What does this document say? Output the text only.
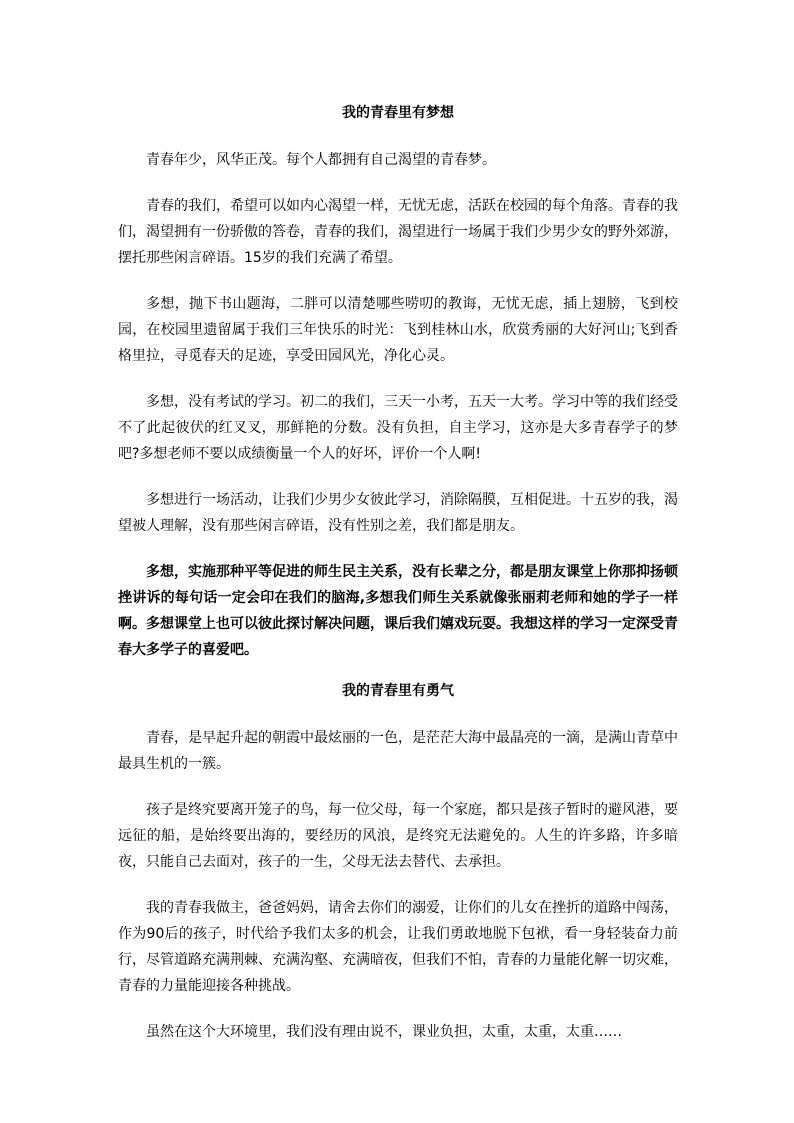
我的青春里有梦想

青春年少，风华正茂。每个人都拥有自己渴望的青春梦。

青春的我们，希望可以如内心渴望一样，无忧无虑，活跃在校园的每个角落。青春的我们，渴望拥有一份骄傲的答卷，青春的我们，渴望进行一场属于我们少男少女的野外郊游，摆托那些闲言碎语。15岁的我们充满了希望。

多想，抛下书山题海，二胖可以清楚哪些唠叨的教诲，无忧无虑，插上翅膀，飞到校园，在校园里遗留属于我们三年快乐的时光：飞到桂林山水，欣赏秀丽的大好河山;飞到香格里拉，寻觅春天的足迹，享受田园风光，净化心灵。

多想，没有考试的学习。初二的我们，三天一小考，五天一大考。学习中等的我们经受不了此起彼伏的红叉叉，那鲜艳的分数。没有负担，自主学习，这亦是大多青春学子的梦吧?多想老师不要以成绩衡量一个人的好坏，评价一个人啊!

多想进行一场活动，让我们少男少女彼此学习，消除隔膜，互相促进。十五岁的我，渴望被人理解，没有那些闲言碎语，没有性别之差，我们都是朋友。

多想，实施那种平等促进的师生民主关系，没有长辈之分，都是朋友课堂上你那抑扬顿挫讲诉的每句话一定会印在我们的脑海,多想我们师生关系就像张丽莉老师和她的学子一样啊。多想课堂上也可以彼此探讨解决问题，课后我们嬉戏玩耍。我想这样的学习一定深受青春大多学子的喜爱吧。

我的青春里有勇气

青春，是早起升起的朝霞中最炫丽的一色，是茫茫大海中最晶亮的一滴，是满山青草中最具生机的一簇。

孩子是终究要离开笼子的鸟，每一位父母，每一个家庭，都只是孩子暂时的避风港，要远征的船，是始终要出海的，要经历的风浪，是终究无法避免的。人生的许多路，许多暗夜，只能自己去面对，孩子的一生，父母无法去替代、去承担。

我的青春我做主，爸爸妈妈，请舍去你们的溺爱，让你们的儿女在挫折的道路中闯荡，作为90后的孩子，时代给予我们太多的机会，让我们勇敢地脱下包袱，看一身轻装奋力前行，尽管道路充满荆棘、充满沟壑、充满暗夜，但我们不怕，青春的力量能化解一切灾难，青春的力量能迎接各种挑战。

虽然在这个大环境里，我们没有理由说不，课业负担，太重，太重，太重……
